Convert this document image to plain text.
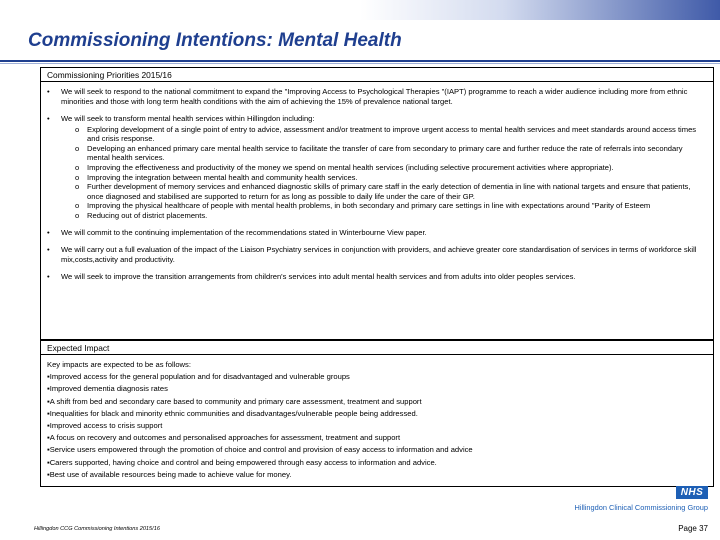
Commissioning Intentions: Mental Health
Commissioning Priorities 2015/16
• We will seek to respond to the national commitment to expand the "Improving Access to Psychological Therapies "(IAPT) programme to reach a wider audience including more from ethnic minorities and those with long term health conditions with the aim of achieving the 15% of prevalence national target.
• We will seek to transform mental health services within Hillingdon including:
o Exploring development of a single point of entry to advice, assessment and/or treatment to improve urgent access to mental health services and meet standards around access times and crisis response.
o Developing an enhanced primary care mental health service to facilitate the transfer of care from secondary to primary care and further reduce the rate of referrals into secondary mental health services.
o Improving the effectiveness and productivity of the money we spend on mental health services (including selective procurement activities where appropriate).
o Improving the integration between mental health and community health services.
o Further development of memory services and enhanced diagnostic skills of primary care staff in the early detection of dementia in line with national targets and ensure that patients, once diagnosed and stabilised are supported to return for as long as possible to daily life under the care of their GP.
o Improving the physical healthcare of people with mental health problems, in both secondary and primary care settings in line with expectations around "Parity of Esteem
o Reducing out of district placements.
• We will commit to the continuing implementation of the recommendations stated in Winterbourne View paper.
• We will carry out a full evaluation of the impact of the Liaison Psychiatry services in conjunction with providers, and achieve greater core standardisation of services in terms of workforce skill mix,costs,activity and productivity.
• We will seek to improve the transition arrangements from children's services into adult mental health services and from adults into older peoples services.
Expected Impact
Key impacts are expected to be as follows:
▪Improved access for the general population and for disadvantaged and vulnerable groups
▪Improved dementia diagnosis rates
▪A shift from bed and secondary care based to community and primary care assessment, treatment and support
▪Inequalities for black and minority ethnic communities and disadvantages/vulnerable people being addressed.
▪Improved access to crisis support
▪A focus on recovery and outcomes and personalised approaches for assessment, treatment and support
▪Service users empowered through the promotion of choice and control and provision of easy access to information and advice
▪Carers supported, having choice and control and being empowered through easy access to information and advice.
▪Best use of available resources being made to achieve value for money.
NHS
Hillingdon Clinical Commissioning Group
Hillingdon CCG Commissioning Intentions 2015/16	Page 37
